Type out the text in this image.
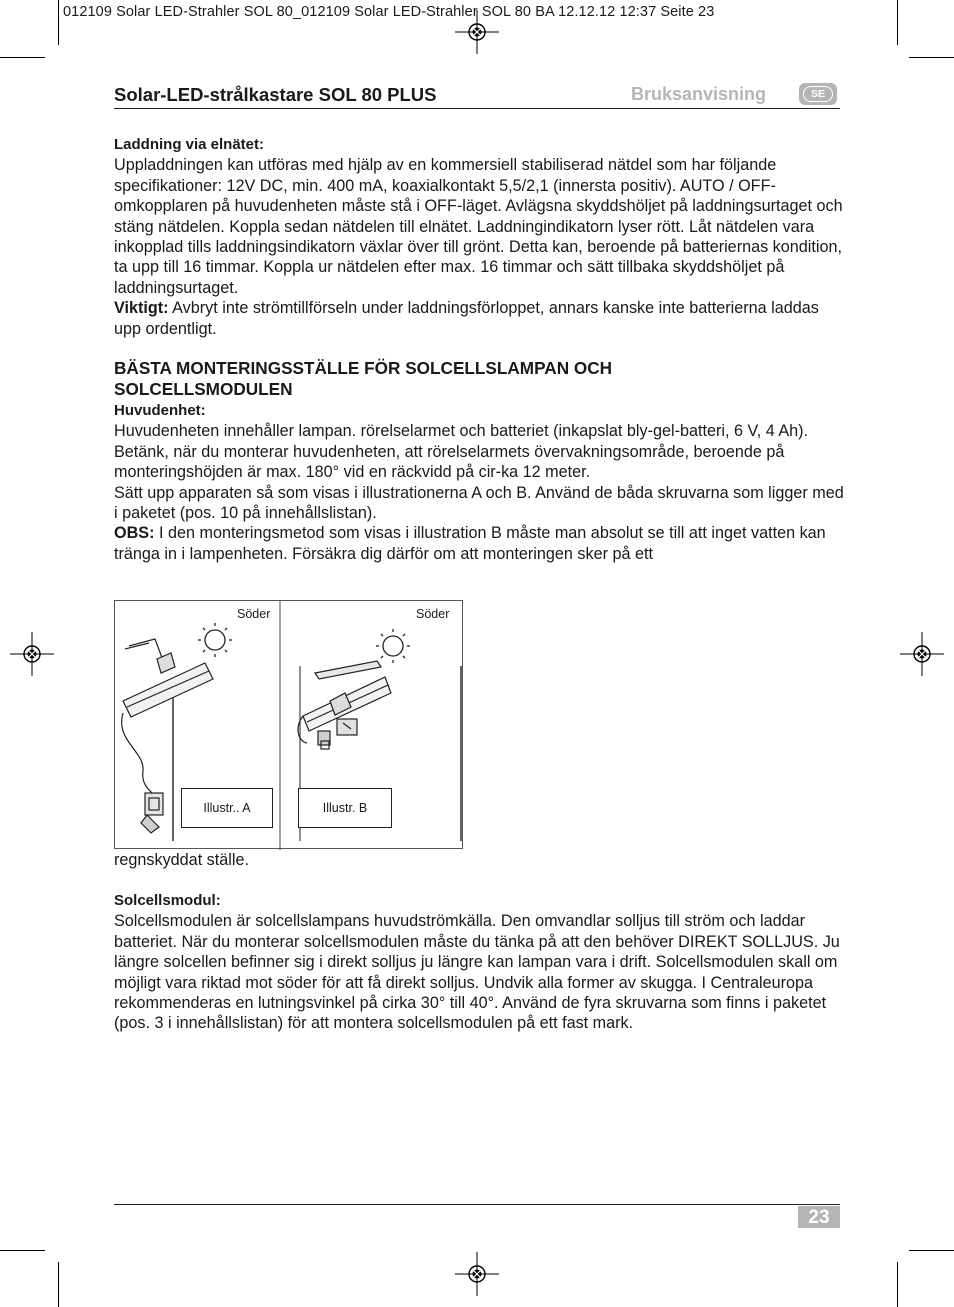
012109 Solar LED-Strahler SOL 80_012109 Solar LED-Strahler SOL 80 BA 12.12.12 12:37 Seite 23
Solar-LED-strålkastare SOL 80 PLUS	Bruksanvisning	SE

Laddning via elnätet:

Uppladdningen kan utföras med hjälp av en kommersiell stabiliserad nätdel som har följande specifikationer: 12V DC, min. 400 mA, koaxialkontakt 5,5/2,1 (innersta positiv). AUTO / OFF-omkopplaren på huvudenheten måste stå i OFF-läget. Avlägsna skyddshöljet på laddningsurtaget och stäng nätdelen. Koppla sedan nätdelen till elnätet. Laddningindikatorn lyser rött. Låt nätdelen vara inkopplad tills laddningsindikatorn växlar över till grönt. Detta kan, beroende på batteriernas kondition, ta upp till 16 timmar. Koppla ur nätdelen efter max. 16 timmar och sätt tillbaka skyddshöljet på laddningsurtaget.

Viktigt: Avbryt inte strömtillförseln under laddningsförloppet, annars kanske inte batterierna laddas upp ordentligt.

BÄSTA MONTERINGSSTÄLLE FÖR SOLCELLSLAMPAN OCH
SOLCELLSMODULEN

Huvudenhet:

Huvudenheten innehåller lampan. rörelselarmet och batteriet (inkapslat bly-gel-batteri, 6 V, 4 Ah). Betänk, när du monterar huvudenheten, att rörelselarmets övervakningsområde, beroende på monteringshöjden är max. 180° vid en räckvidd på cir-ka 12 meter.

Sätt upp apparaten så som visas i illustrationerna A och B. Använd de båda skruvarna som ligger med i paketet (pos. 10 på innehållslistan).

OBS: I den monteringsmetod som visas i illustration B måste man absolut se till att inget vatten kan tränga in i lampenheten. Försäkra dig därför om att monteringen sker på ett

Söder	Söder
Illustr.. A	Illustr. B
regnskyddat ställe.

Solcellsmodul:

Solcellsmodulen är solcellslampans huvudströmkälla. Den omvandlar solljus till ström och laddar batteriet. När du monterar solcellsmodulen måste du tänka på att den behöver DIREKT SOLLJUS. Ju längre solcellen befinner sig i direkt solljus ju längre kan lampan vara i drift. Solcellsmodulen skall om möjligt vara riktad mot söder för att få direkt solljus. Undvik alla former av skugga. I Centraleuropa rekommenderas en lutningsvinkel på cirka 30° till 40°. Använd de fyra skruvarna som finns i paketet (pos. 3 i innehållslistan) för att montera solcellsmodulen på ett fast mark.

23
